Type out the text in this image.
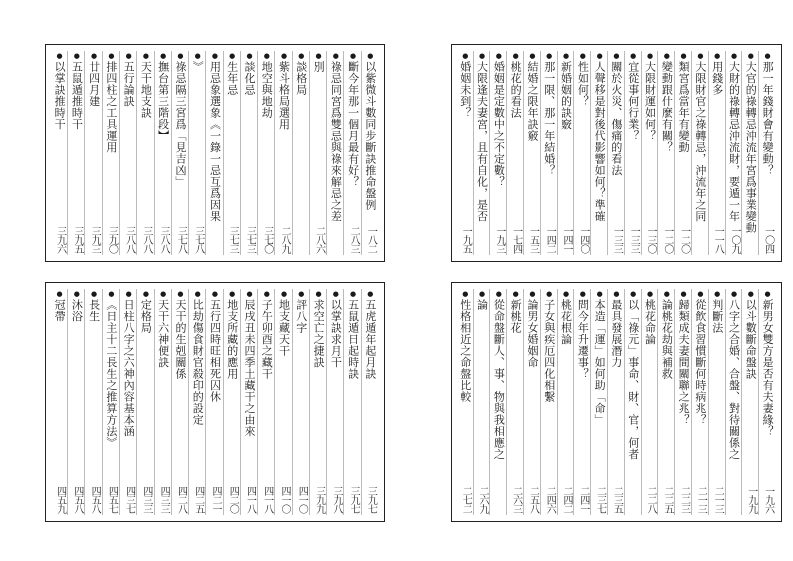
●
以紫微斗數同步斷訣推命盤例
一八二
●
斷今年那一個月最有好？
二八三
●
祿忌同宮爲雙忌與祿來解忌之差
●
別
二八六
●
談格局
●
紫斗格局選用
二八九
●
地空與地劫
三七〇
●
談化忌
三七三
●
生年忌
三七三
●
用忌象選象《一錄一忌互爲因果
●
》
三七八
●
祿忌隔三宮爲「見吉凶」
三七八
●
撫台第三階段】
三八八
●
天干地支訣
三八八
●
五行論訣
三八八
●
排四柱之工具運用
三九〇
●
廿四月建
三九三
●
五鼠遁推時干
三九五
●
以掌訣推時干
三九六
●
五虎遁年起月訣
三九七
●
五鼠遁日起時訣
三九七
●
以掌訣求月干
三九八
●
求空亡之捷訣
三九九
●
評八字
四一〇
●
地支藏天干
四一〇
●
子午卯酉之藏干
四一八
●
辰戌丑未四季土藏干之由來
四一八
●
地支所藏的應用
四二〇
●
五行四時旺相死囚休
四二一
●
比劫傷食財官殺印的設定
四二五
●
天干的生剋關係
四二八
●
天干六神便訣
四三三
●
定格局
四三三
●
日柱八字之六神內容基本涵
四三七
●
《日主十二長生之推算方法》
四五七
●
長生
四五八
●
沐浴
四五八
●
冠帶
四五九
●
那一年錢財會有變動？
一〇四
●
大官的祿轉忌沖流年宮爲事業變動
●
大財的祿轉忌沖流財，要遁一年
一〇九
●
用錢多
一一八
●
大限財官之祿轉忌，沖流年之同
●
類宮爲當年有變動
一二〇
●
變動跟什麼有關？
一二〇
●
大限財運如何？
一三〇
●
宜從事何行業？
一三三
●
關於火災、傷痛的看法
一三三
●
人聲移是對後代影響如何？準確
●
性如何？
一四〇
●
新婚姻的訣竅
一四一
●
那一限、那一年結婚？
一四二
●
結婚之限年訣竅
一五三
●
桃花的看法
一七四
●
婚姻是定數中之不定數？
一九三
●
大限逢夫妻宮，且有自化，是否
●
婚姻未到？
一九五
●
新男女雙方是否有夫妻緣？
一九六
●
以斗數斷命盤訣
一九九
●
八字之合婚、合盤、對待關係之
●
判斷法
二一三
●
從飲食習慣斷何時病兆？
二一三
●
歸類成夫妻間關聯之兆？
二二三
●
論桃花劫與補救
二二五
●
桃花命論
二二八
●
以「祿元」事命、財、官，何者
●
最具發展潛力
二三五
●
本造「運」如何助「命」
二三七
●
問今年升遷事？
二四一
●
桃花根論
二四二
●
子女與疾厄四化相繫
二四六
●
論男女婚姻命
二五八
●
新桃花
二六三
●
從命盤斷人、事、物與我相應之
●
論
二六九
●
性格相近之命盤比較
二七二
